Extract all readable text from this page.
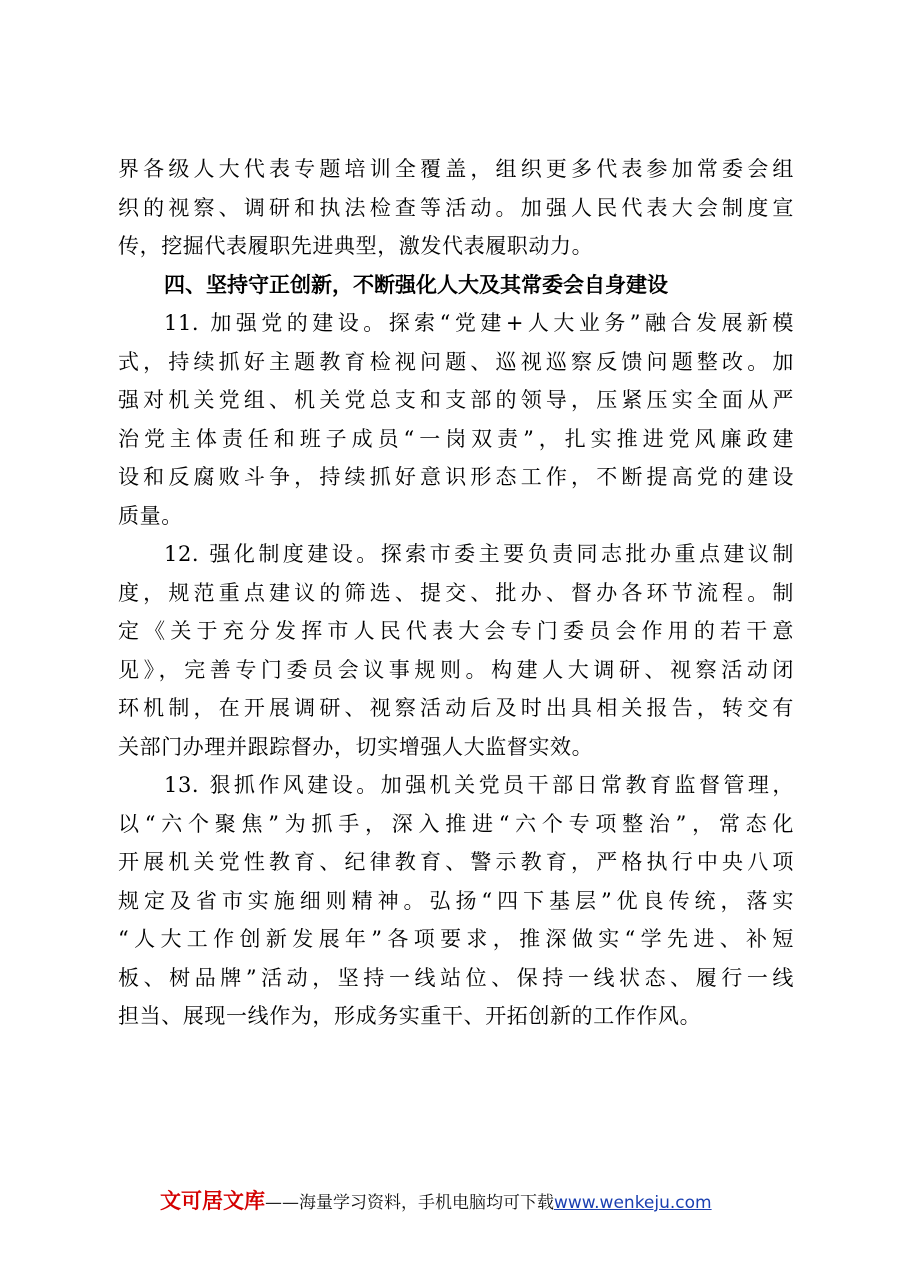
界各级人大代表专题培训全覆盖，组织更多代表参加常委会组
织的视察、调研和执法检查等活动。加强人民代表大会制度宣
传，挖掘代表履职先进典型，激发代表履职动力。
四、坚持守正创新，不断强化人大及其常委会自身建设
11. 加强党的建设。探索“党建+人大业务”融合发展新模
式，持续抓好主题教育检视问题、巡视巡察反馈问题整改。加
强对机关党组、机关党总支和支部的领导，压紧压实全面从严
治党主体责任和班子成员“一岗双责”，扎实推进党风廉政建
设和反腐败斗争，持续抓好意识形态工作，不断提高党的建设
质量。
12. 强化制度建设。探索市委主要负责同志批办重点建议制
度，规范重点建议的筛选、提交、批办、督办各环节流程。制
定《关于充分发挥市人民代表大会专门委员会作用的若干意
见》，完善专门委员会议事规则。构建人大调研、视察活动闭
环机制，在开展调研、视察活动后及时出具相关报告，转交有
关部门办理并跟踪督办，切实增强人大监督实效。
13. 狠抓作风建设。加强机关党员干部日常教育监督管理，
以“六个聚焦”为抓手，深入推进“六个专项整治”，常态化
开展机关党性教育、纪律教育、警示教育，严格执行中央八项
规定及省市实施细则精神。弘扬“四下基层”优良传统，落实
“人大工作创新发展年”各项要求，推深做实“学先进、补短
板、树品牌”活动，坚持一线站位、保持一线状态、履行一线
担当、展现一线作为，形成务实重干、开拓创新的工作作风。
文可居文库——海量学习资料，手机电脑均可下载www.wenkeju.com
